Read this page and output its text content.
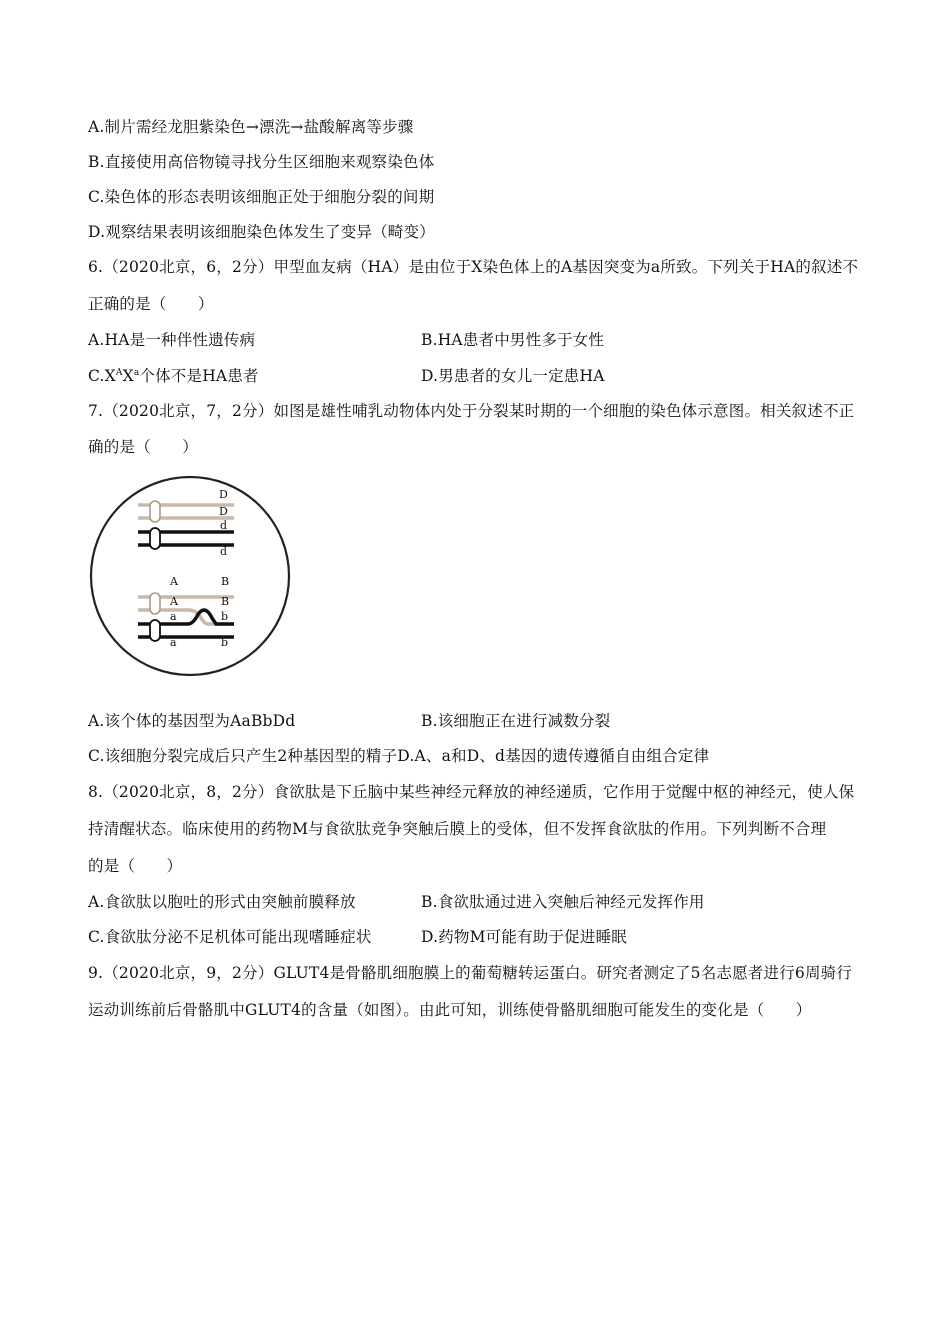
A.制片需经龙胆紫染色→漂洗→盐酸解离等步骤
B.直接使用高倍物镜寻找分生区细胞来观察染色体
C.染色体的形态表明该细胞正处于细胞分裂的间期
D.观察结果表明该细胞染色体发生了变异（畸变）
6.（2020北京，6，2分）甲型血友病（HA）是由位于X染色体上的A基因突变为a所致。下列关于HA的叙述不
正确的是（　　）
A.HA是一种伴性遗传病	B.HA患者中男性多于女性
$C.X^AX^a$个体不是HA患者	D.男患者的女儿一定患HA
7.（2020北京，7，2分）如图是雄性哺乳动物体内处于分裂某时期的一个细胞的染色体示意图。相关叙述不正
确的是（　　）
D
D
d
d
A
A
a
a
B
B
b
b
A.该个体的基因型为AaBbDd	B.该细胞正在进行减数分裂
C.该细胞分裂完成后只产生2种基因型的精子D.A、a和D、d基因的遗传遵循自由组合定律
8.（2020北京，8，2分）食欲肽是下丘脑中某些神经元释放的神经递质，它作用于觉醒中枢的神经元，使人保
持清醒状态。临床使用的药物M与食欲肽竞争突触后膜上的受体，但不发挥食欲肽的作用。下列判断不合理
的是（　　）
A.食欲肽以胞吐的形式由突触前膜释放	B.食欲肽通过进入突触后神经元发挥作用
C.食欲肽分泌不足机体可能出现嗜睡症状	D.药物M可能有助于促进睡眠
9.（2020北京，9，2分）GLUT4是骨骼肌细胞膜上的葡萄糖转运蛋白。研究者测定了5名志愿者进行6周骑行
运动训练前后骨骼肌中GLUT4的含量（如图）。由此可知，训练使骨骼肌细胞可能发生的变化是（　　）
